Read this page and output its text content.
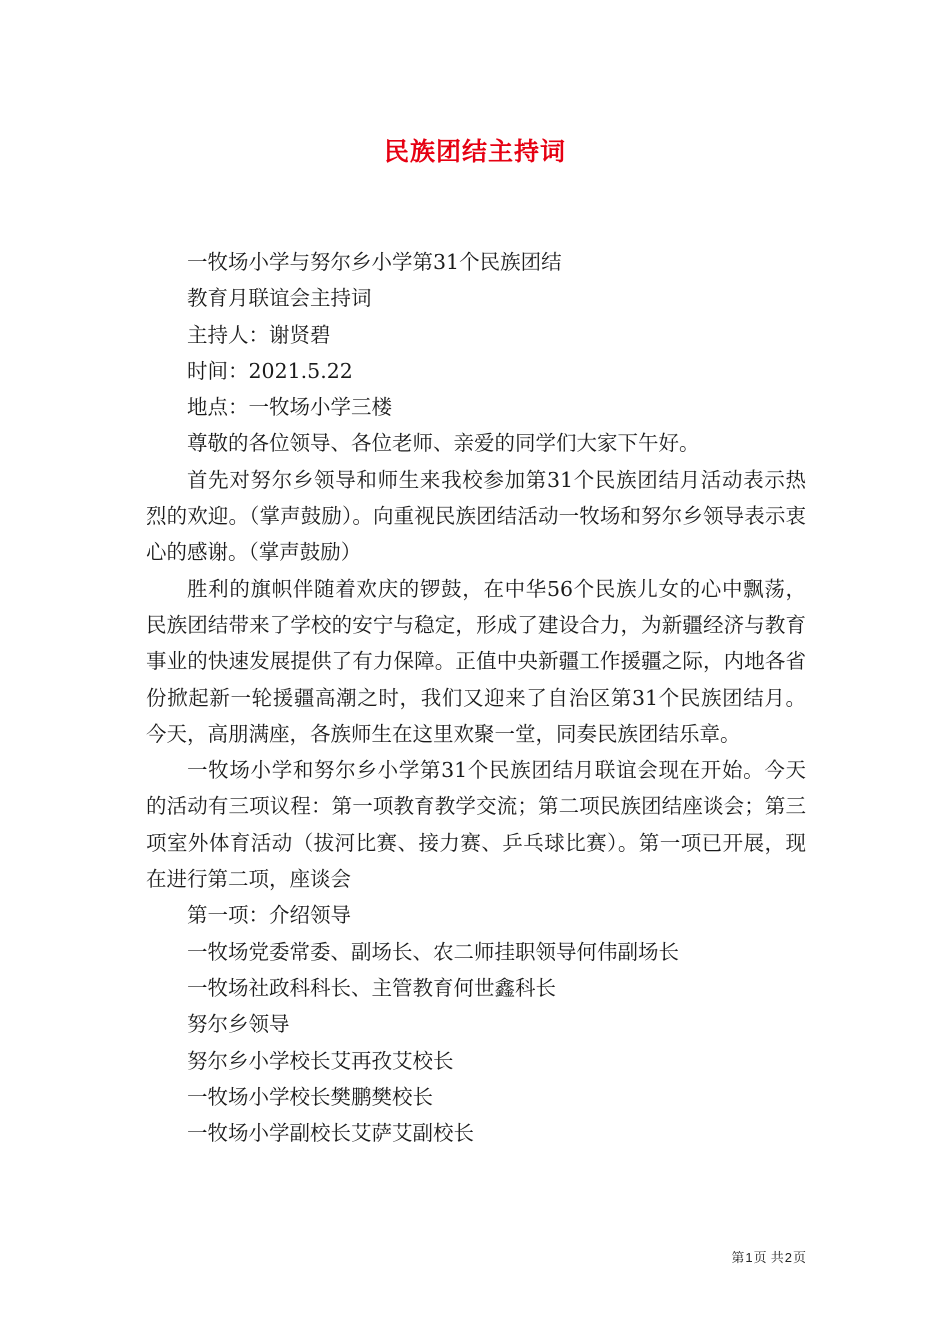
民族团结主持词

一牧场小学与努尔乡小学第31个民族团结

教育月联谊会主持词

主持人：谢贤碧

时间：2021.5.22

地点：一牧场小学三楼

尊敬的各位领导、各位老师、亲爱的同学们大家下午好。

首先对努尔乡领导和师生来我校参加第31个民族团结月活动表示热烈的欢迎。（掌声鼓励）。向重视民族团结活动一牧场和努尔乡领导表示衷心的感谢。（掌声鼓励）

胜利的旗帜伴随着欢庆的锣鼓，在中华56个民族儿女的心中飘荡，民族团结带来了学校的安宁与稳定，形成了建设合力，为新疆经济与教育事业的快速发展提供了有力保障。正值中央新疆工作援疆之际，内地各省份掀起新一轮援疆高潮之时，我们又迎来了自治区第31个民族团结月。今天，高朋满座，各族师生在这里欢聚一堂，同奏民族团结乐章。

一牧场小学和努尔乡小学第31个民族团结月联谊会现在开始。今天的活动有三项议程：第一项教育教学交流；第二项民族团结座谈会；第三项室外体育活动（拔河比赛、接力赛、乒乓球比赛）。第一项已开展，现在进行第二项，座谈会

第一项：介绍领导

一牧场党委常委、副场长、农二师挂职领导何伟副场长

一牧场社政科科长、主管教育何世鑫科长

努尔乡领导

努尔乡小学校长艾再孜艾校长

一牧场小学校长樊鹏樊校长

一牧场小学副校长艾萨艾副校长

第1页 共2页
